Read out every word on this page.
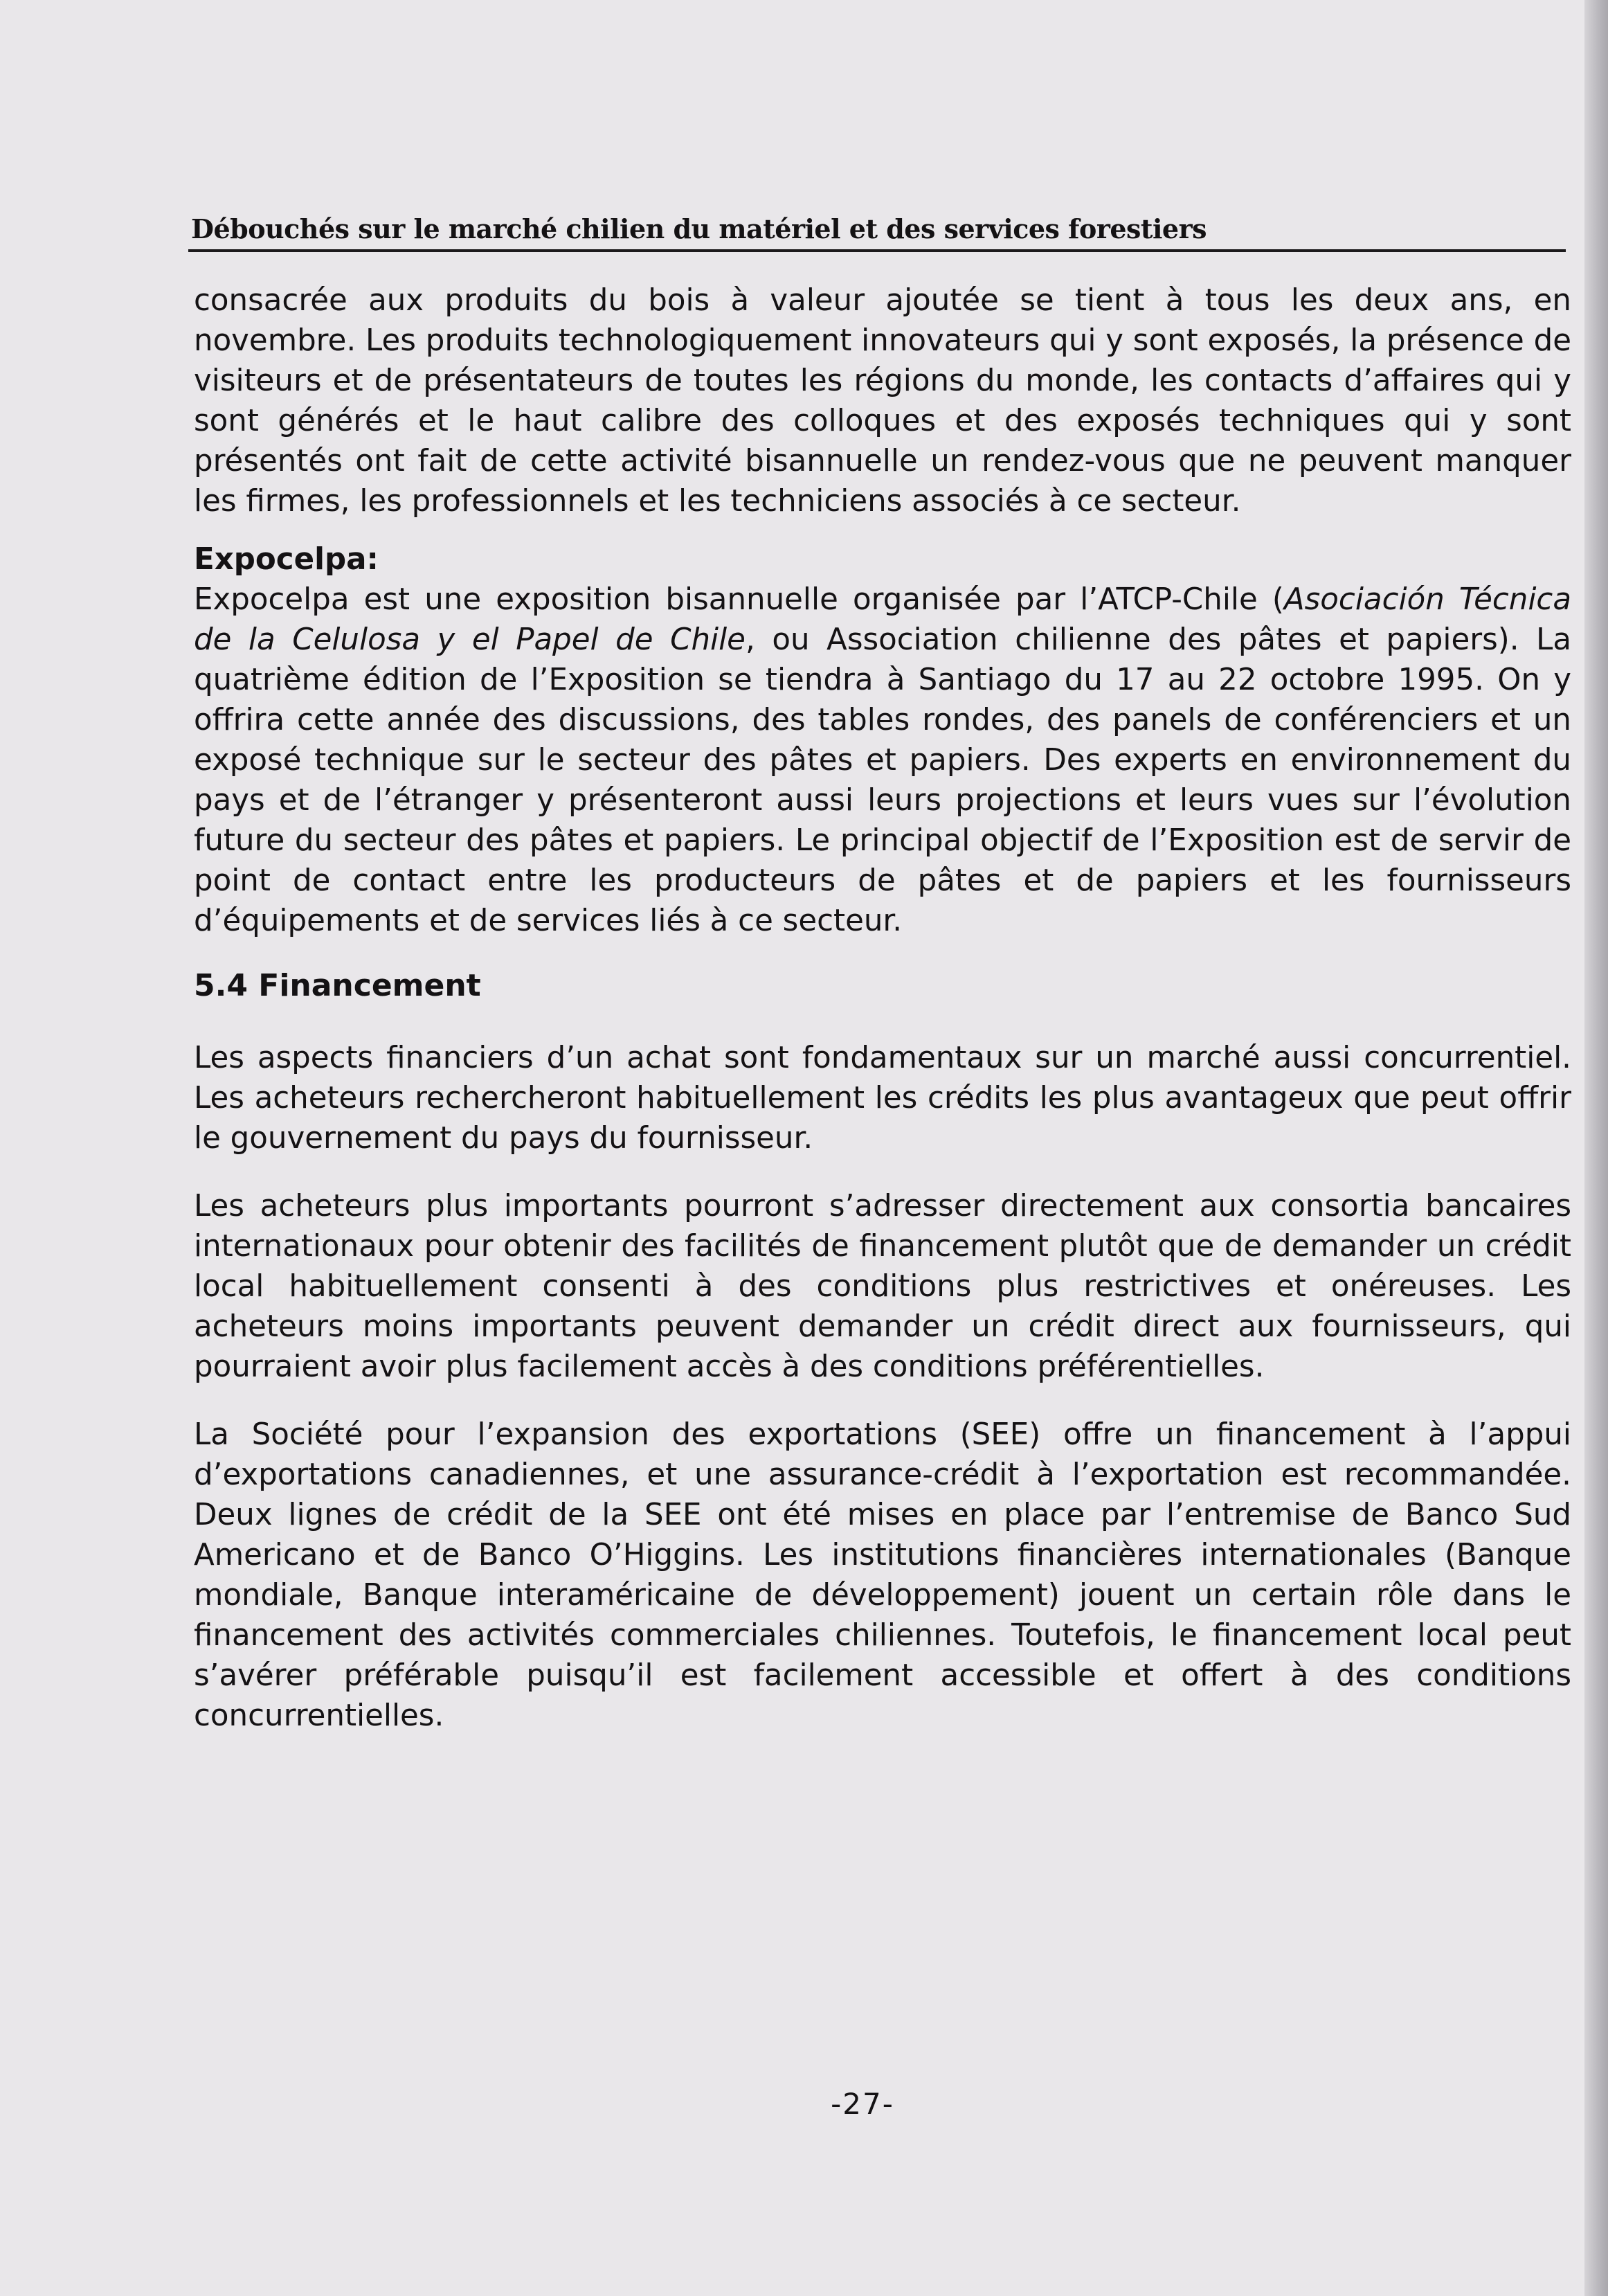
Débouchés sur le marché chilien du matériel et des services forestiers

consacrée aux produits du bois à valeur ajoutée se tient à tous les deux ans, en novembre. Les produits technologiquement innovateurs qui y sont exposés, la présence de visiteurs et de présentateurs de toutes les régions du monde, les contacts d’affaires qui y sont générés et le haut calibre des colloques et des exposés techniques qui y sont présentés ont fait de cette activité bisannuelle un rendez-vous que ne peuvent manquer les firmes, les professionnels et les techniciens associés à ce secteur.

Expocelpa:

Expocelpa est une exposition bisannuelle organisée par l’ATCP-Chile (Asociación Técnica de la Celulosa y el Papel de Chile, ou Association chilienne des pâtes et papiers). La quatrième édition de l’Exposition se tiendra à Santiago du 17 au 22 octobre 1995. On y offrira cette année des discussions, des tables rondes, des panels de conférenciers et un exposé technique sur le secteur des pâtes et papiers. Des experts en environnement du pays et de l’étranger y présenteront aussi leurs projections et leurs vues sur l’évolution future du secteur des pâtes et papiers. Le principal objectif de l’Exposition est de servir de point de contact entre les producteurs de pâtes et de papiers et les fournisseurs d’équipements et de services liés à ce secteur.

5.4 Financement

Les aspects financiers d’un achat sont fondamentaux sur un marché aussi concurrentiel. Les acheteurs rechercheront habituellement les crédits les plus avantageux que peut offrir le gouvernement du pays du fournisseur.

Les acheteurs plus importants pourront s’adresser directement aux consortia bancaires internationaux pour obtenir des facilités de financement plutôt que de demander un crédit local habituellement consenti à des conditions plus restrictives et onéreuses. Les acheteurs moins importants peuvent demander un crédit direct aux fournisseurs, qui pourraient avoir plus facilement accès à des conditions préférentielles.

La Société pour l’expansion des exportations (SEE) offre un financement à l’appui d’exportations canadiennes, et une assurance-crédit à l’exportation est recommandée. Deux lignes de crédit de la SEE ont été mises en place par l’entremise de Banco Sud Americano et de Banco O’Higgins. Les institutions financières internationales (Banque mondiale, Banque interaméricaine de développement) jouent un certain rôle dans le financement des activités commerciales chiliennes. Toutefois, le financement local peut s’avérer préférable puisqu’il est facilement accessible et offert à des conditions concurrentielles.

-27-
